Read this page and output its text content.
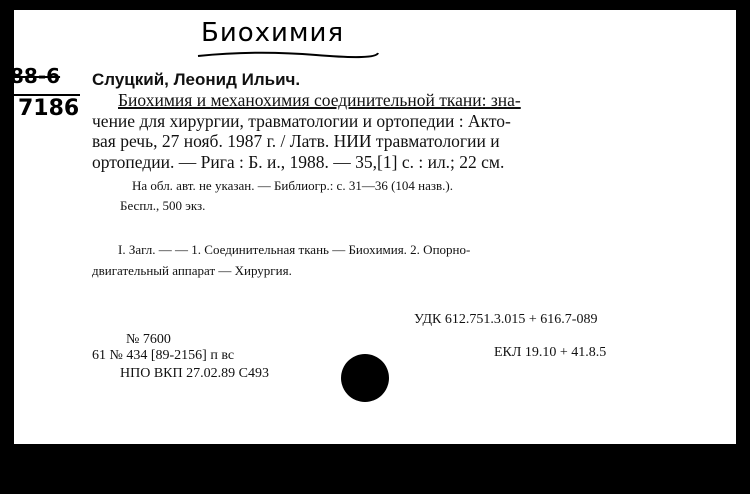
Биохимия
88-6
7186
Слуцкий, Леонид Ильич.
Биохимия и механохимия соединительной ткани: зна-
чение для хирургии, травматологии и ортопедии : Акто-
вая речь, 27 нояб. 1987 г. / Латв. НИИ травматологии и
ортопедии. — Рига : Б. и., 1988. — 35,[1] с. : ил.; 22 см.
На обл. авт. не указан. — Библиогр.: с. 31—36 (104 назв.).
Беспл., 500 экз.
I. Загл. — — 1. Соединительная ткань — Биохимия. 2. Опорно-
двигательный аппарат — Хирургия.
УДК 612.751.3.015 + 616.7-089
№ 7600
61 № 434 [89-2156] п вс	ЕКЛ 19.10 + 41.8.5
НПО ВКП 27.02.89 С493
